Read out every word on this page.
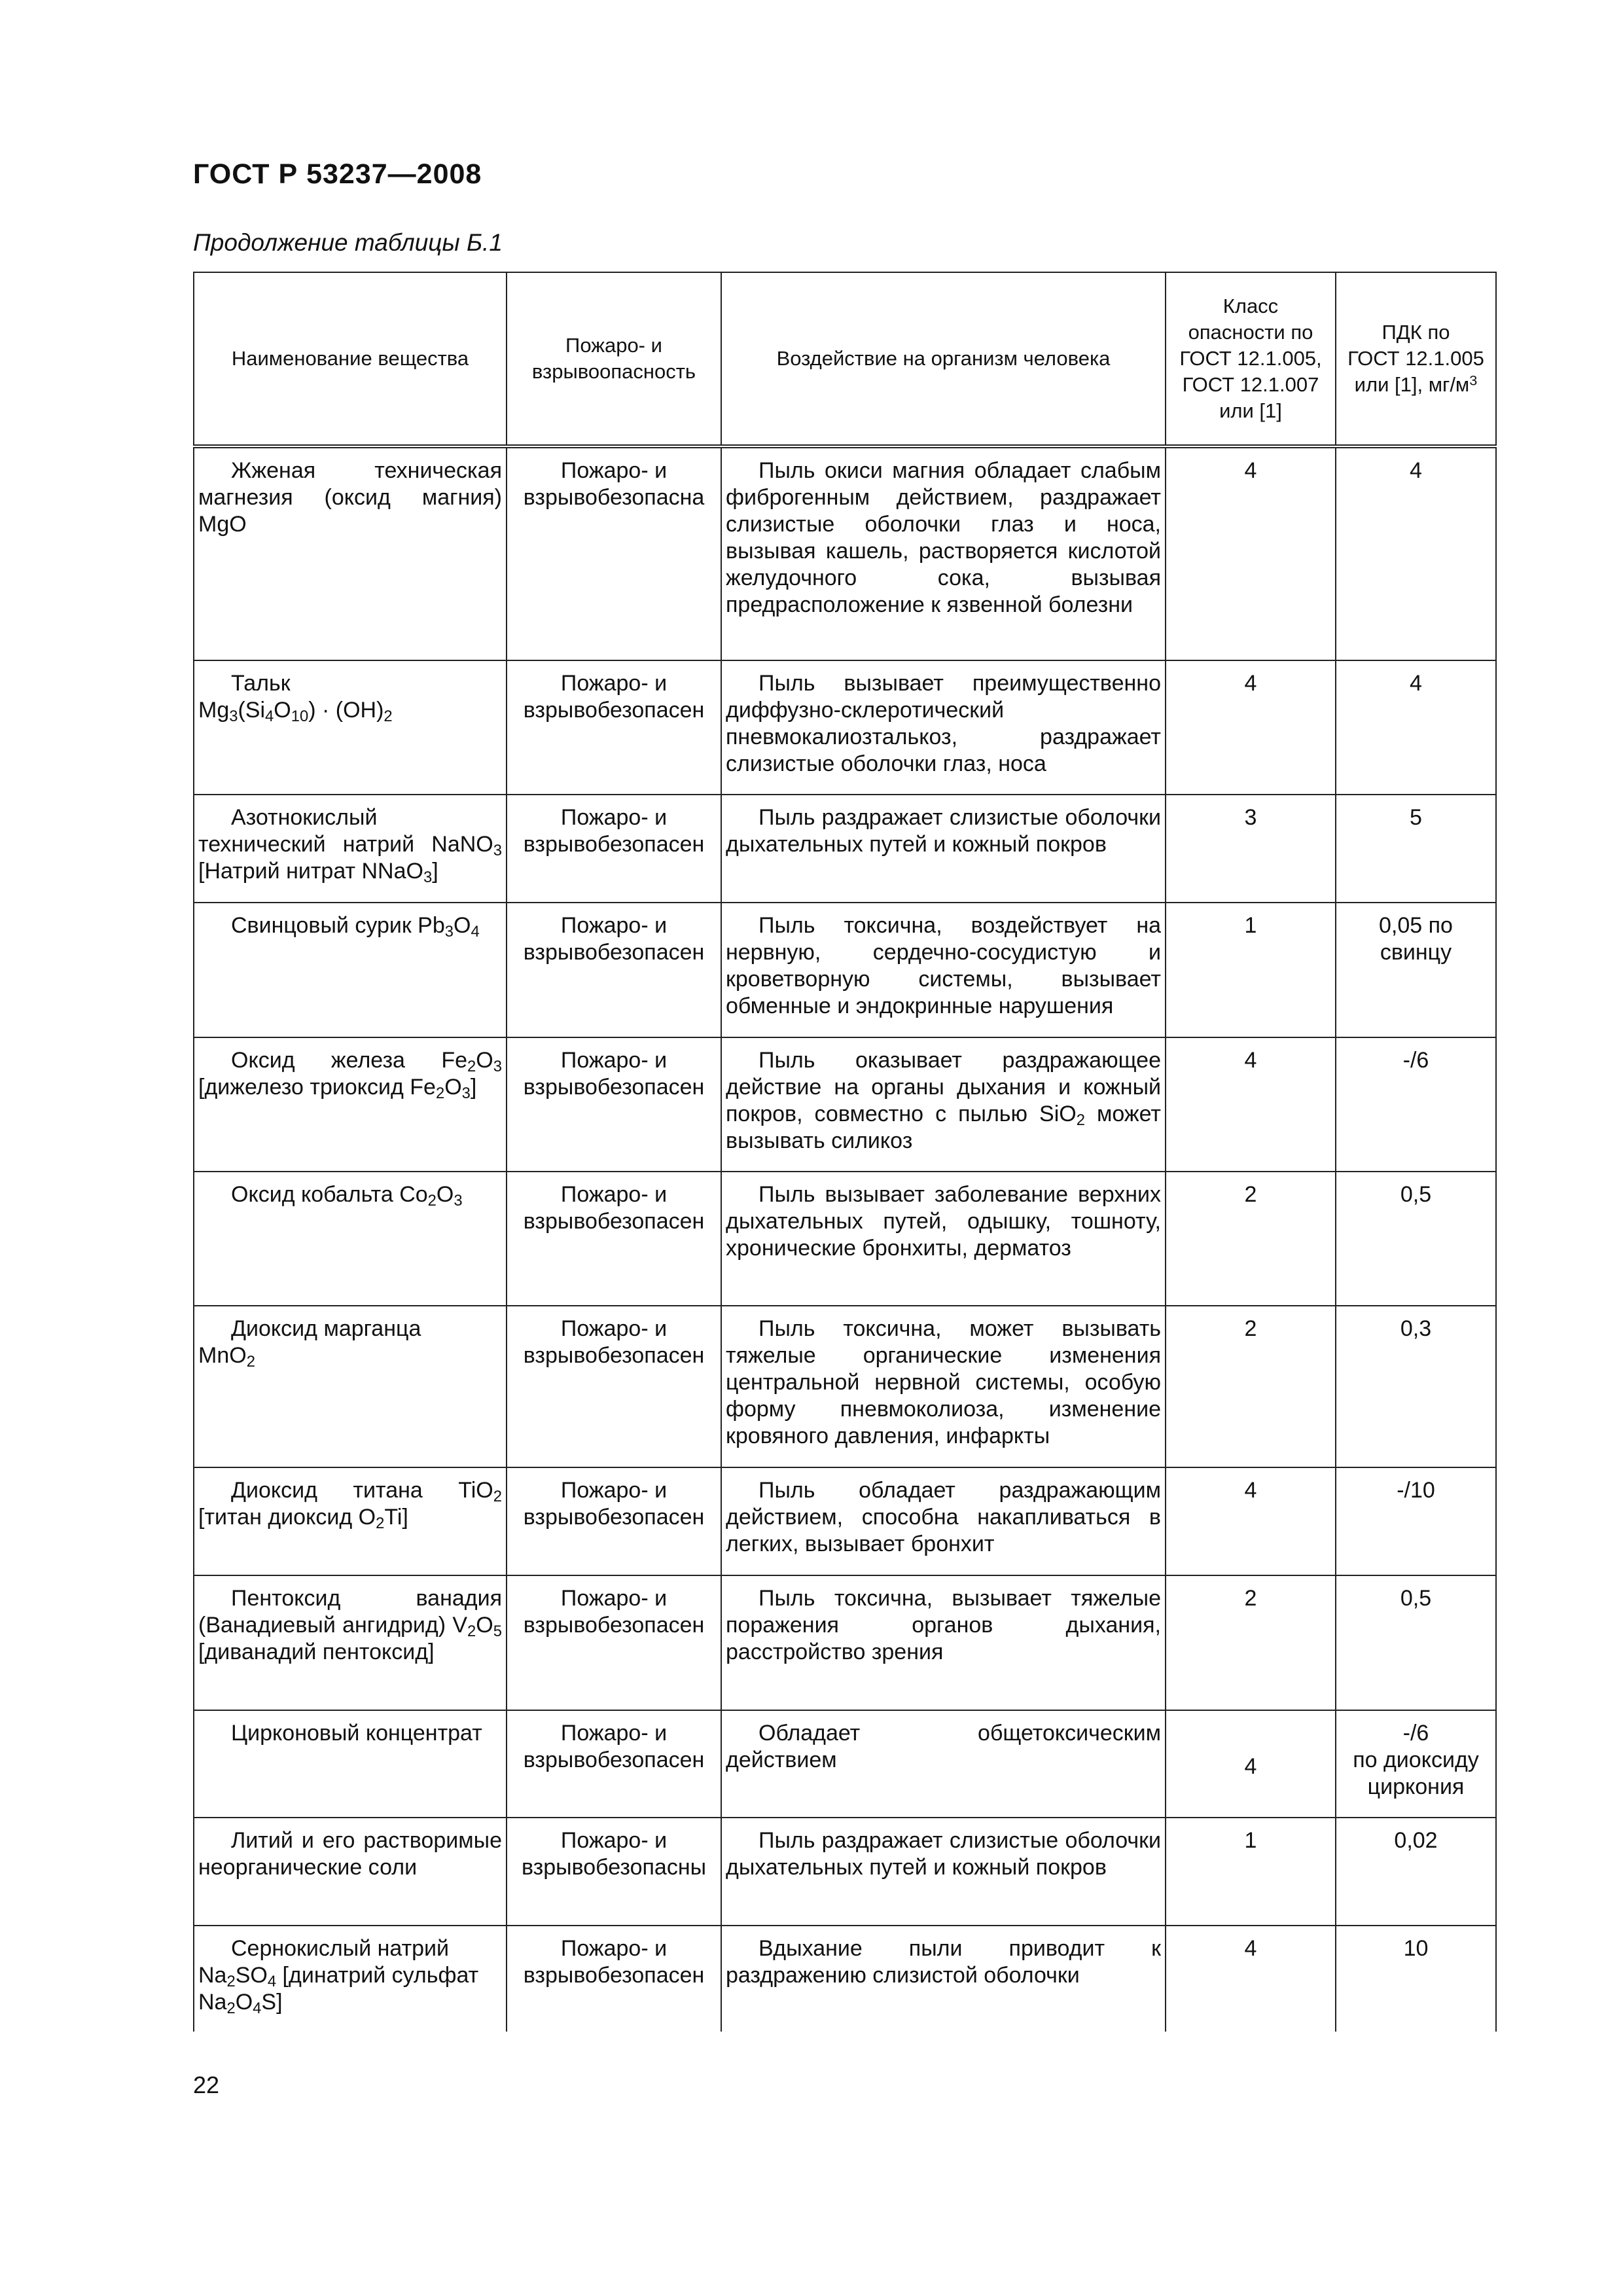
ГОСТ Р 53237—2008
Продолжение таблицы Б.1
Наименование вещества	Пожаро- и взрывоопасность	Воздействие на организм человека	Класс
опасности по
ГОСТ 12.1.005,
ГОСТ 12.1.007
или [1]	ПДК по
ГОСТ 12.1.005
или [1], $мг/м^3$
Жженая техническая магнезия (оксид магния) MgO	Пожаро- и
взрывобезопасна	Пыль окиси магния обладает слабым фиброгенным действием, раздражает слизистые оболочки глаз и носа, вызывая кашель, растворяется кислотой желудочного сока, вызывая предрасположение к язвенной болезни	4	4
Тальк
$Mg_3(Si_4O_{10}) \cdot (OH)_2$	Пожаро- и
взрывобезопасен	Пыль вызывает преимущественно диффузно-склеротический пневмокалиозталькоз, раздражает слизистые оболочки глаз, носа	4	4
Азотнокислый технический натрий NaNO$_3$ [Натрий нитрат NNaO$_3$]	Пожаро- и
взрывобезопасен	Пыль раздражает слизистые оболочки дыхательных путей и кожный покров	3	5
Свинцовый сурик $Pb_3O_4$	Пожаро- и
взрывобезопасен	Пыль токсична, воздействует на нервную, сердечно-сосудистую и кроветворную системы, вызывает обменные и эндокринные нарушения	1	0,05 по
свинцу
Оксид железа $Fe_2O_3$ [дижелезо триоксид $Fe_2O_3$]	Пожаро- и
взрывобезопасен	Пыль оказывает раздражающее действие на органы дыхания и кожный покров, совместно с пылью SiO$_2$ может вызывать силикоз	4	-/6
Оксид кобальта $Co_2O_3$	Пожаро- и
взрывобезопасен	Пыль вызывает заболевание верхних дыхательных путей, одышку, тошноту, хронические бронхиты, дерматоз	2	0,5
Диоксид марганца
MnO$_2$	Пожаро- и
взрывобезопасен	Пыль токсична, может вызывать тяжелые органические изменения центральной нервной системы, особую форму пневмоколиоза, изменение кровяного давления, инфаркты	2	0,3
Диоксид титана TiO$_2$ [титан диоксид $O_2Ti$]	Пожаро- и
взрывобезопасен	Пыль обладает раздражающим действием, способна накапливаться в легких, вызывает бронхит	4	-/10
Пентоксид ванадия (Ванадиевый ангидрид) $V_2O_5$ [диванадий пентоксид]	Пожаро- и
взрывобезопасен	Пыль токсична, вызывает тяжелые поражения органов дыхания, расстройство зрения	2	0,5
Цирконовый концентрат	Пожаро- и
взрывобезопасен	Обладает общетоксическим действием	4	-/6
по диоксиду
циркония
Литий и его растворимые неорганические соли	Пожаро- и
взрывобезопасны	Пыль раздражает слизистые оболочки дыхательных путей и кожный покров	1	0,02
Сернокислый натрий
$Na_2SO_4$ [динатрий сульфат
$Na_2O_4S$]	Пожаро- и
взрывобезопасен	Вдыхание пыли приводит к раздражению слизистой оболочки	4	10
22
